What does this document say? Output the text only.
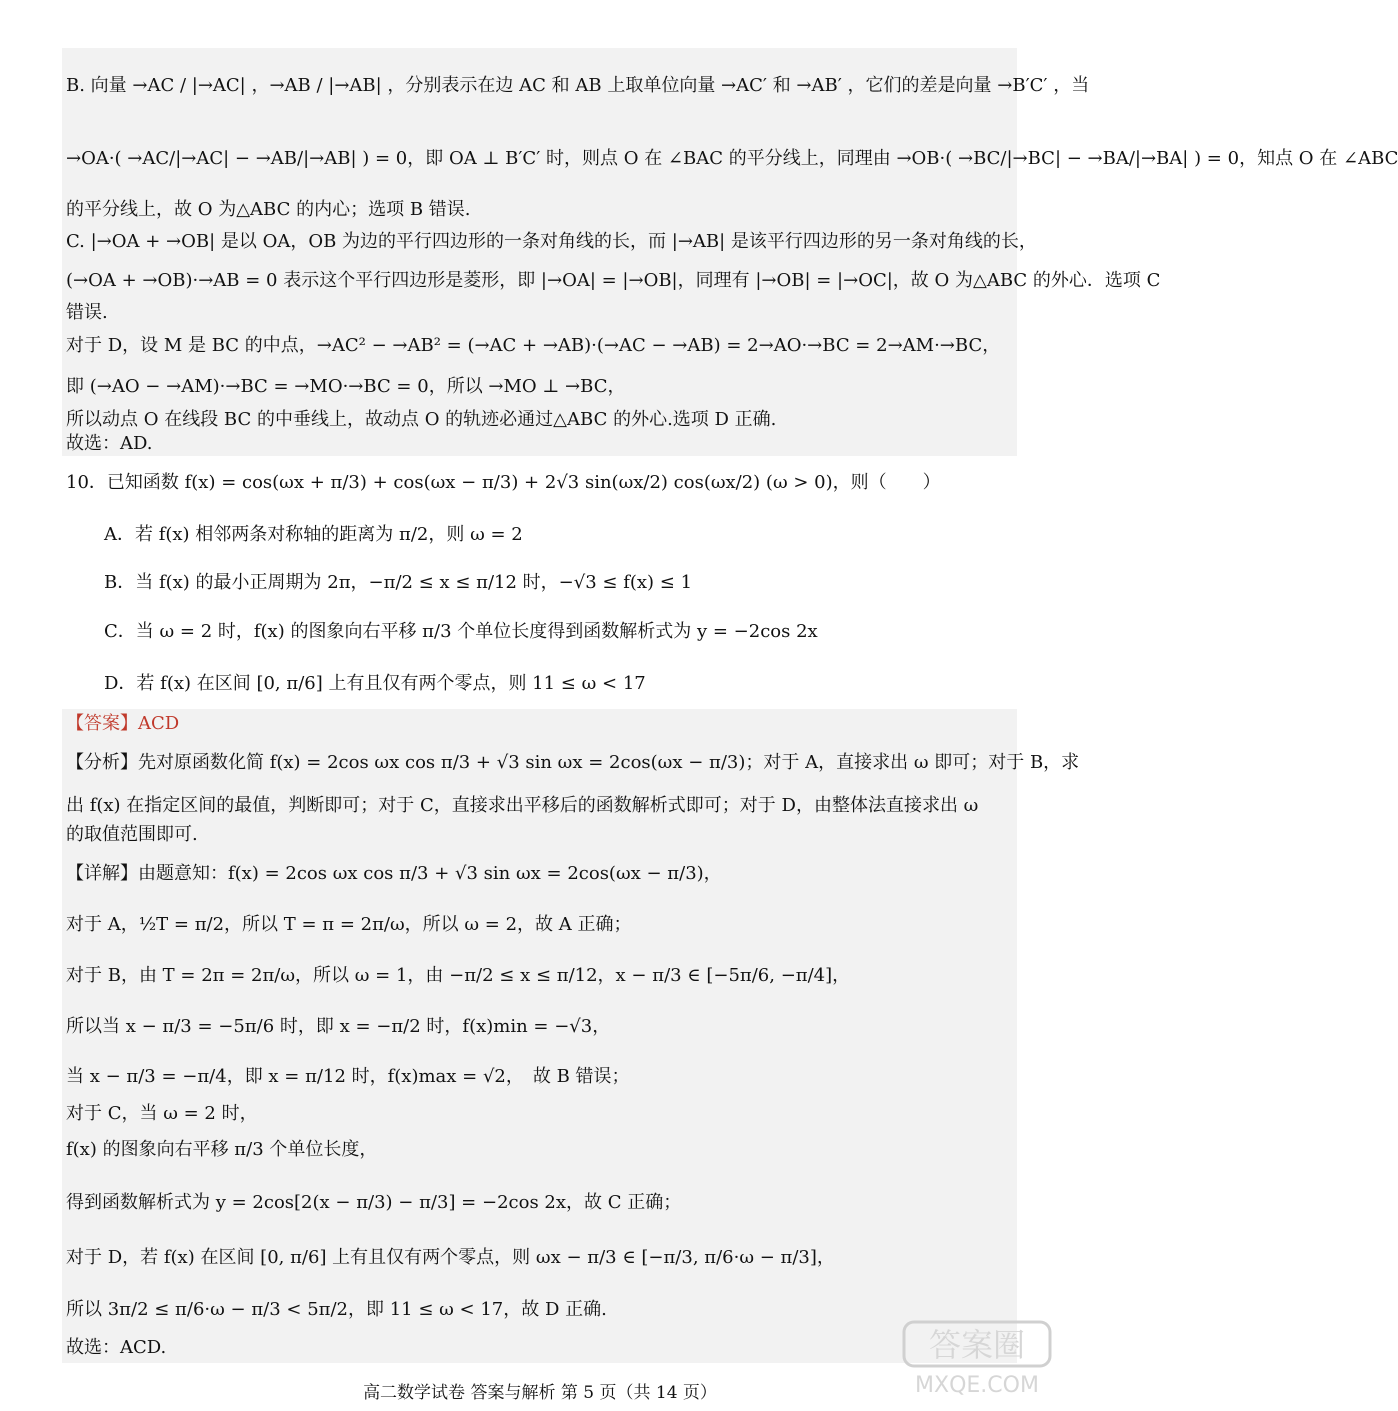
B. 向量 →AC / |→AC| ，→AB / |→AB| ，分别表示在边 AC 和 AB 上取单位向量 →AC′ 和 →AB′ ，它们的差是向量 →B′C′ ，当
→OA·( →AC/|→AC| − →AB/|→AB| ) = 0，即 OA ⊥ B′C′ 时，则点 O 在 ∠BAC 的平分线上，同理由 →OB·( →BC/|→BC| − →BA/|→BA| ) = 0，知点 O 在 ∠ABC
的平分线上，故 O 为△ABC 的内心；选项 B 错误.
C. |→OA + →OB| 是以 OA，OB 为边的平行四边形的一条对角线的长，而 |→AB| 是该平行四边形的另一条对角线的长，
(→OA + →OB)·→AB = 0 表示这个平行四边形是菱形，即 |→OA| = |→OB|，同理有 |→OB| = |→OC|，故 O 为△ABC 的外心．选项 C
错误.
对于 D，设 M 是 BC 的中点，→AC² − →AB² = (→AC + →AB)·(→AC − →AB) = 2→AO·→BC = 2→AM·→BC，
即 (→AO − →AM)·→BC = →MO·→BC = 0，所以 →MO ⊥ →BC，
所以动点 O 在线段 BC 的中垂线上，故动点 O 的轨迹必通过△ABC 的外心.选项 D 正确.
故选：AD.
10．已知函数 f(x) = cos(ωx + π/3) + cos(ωx − π/3) + 2√3 sin(ωx/2) cos(ωx/2) (ω > 0)，则（　　）
A．若 f(x) 相邻两条对称轴的距离为 π/2，则 ω = 2
B．当 f(x) 的最小正周期为 2π，−π/2 ≤ x ≤ π/12 时，−√3 ≤ f(x) ≤ 1
C．当 ω = 2 时，f(x) 的图象向右平移 π/3 个单位长度得到函数解析式为 y = −2cos 2x
D．若 f(x) 在区间 [0, π/6] 上有且仅有两个零点，则 11 ≤ ω < 17
【答案】ACD
【分析】先对原函数化简 f(x) = 2cos ωx cos π/3 + √3 sin ωx = 2cos(ωx − π/3)；对于 A，直接求出 ω 即可；对于 B，求
出 f(x) 在指定区间的最值，判断即可；对于 C，直接求出平移后的函数解析式即可；对于 D，由整体法直接求出 ω
的取值范围即可.
【详解】由题意知：f(x) = 2cos ωx cos π/3 + √3 sin ωx = 2cos(ωx − π/3)，
对于 A，½T = π/2，所以 T = π = 2π/ω，所以 ω = 2，故 A 正确；
对于 B，由 T = 2π = 2π/ω，所以 ω = 1，由 −π/2 ≤ x ≤ π/12，x − π/3 ∈ [−5π/6, −π/4]，
所以当 x − π/3 = −5π/6 时，即 x = −π/2 时，f(x)min = −√3，
当 x − π/3 = −π/4，即 x = π/12 时，f(x)max = √2，　故 B 错误；
对于 C，当 ω = 2 时，
f(x) 的图象向右平移 π/3 个单位长度，
得到函数解析式为 y = 2cos[2(x − π/3) − π/3] = −2cos 2x，故 C 正确；
对于 D，若 f(x) 在区间 [0, π/6] 上有且仅有两个零点，则 ωx − π/3 ∈ [−π/3, π/6·ω − π/3]，
所以 3π/2 ≤ π/6·ω − π/3 < 5π/2，即 11 ≤ ω < 17，故 D 正确.
故选：ACD.
高二数学试卷 答案与解析 第 5 页（共 14 页）
答案圈
MXQE.COM
